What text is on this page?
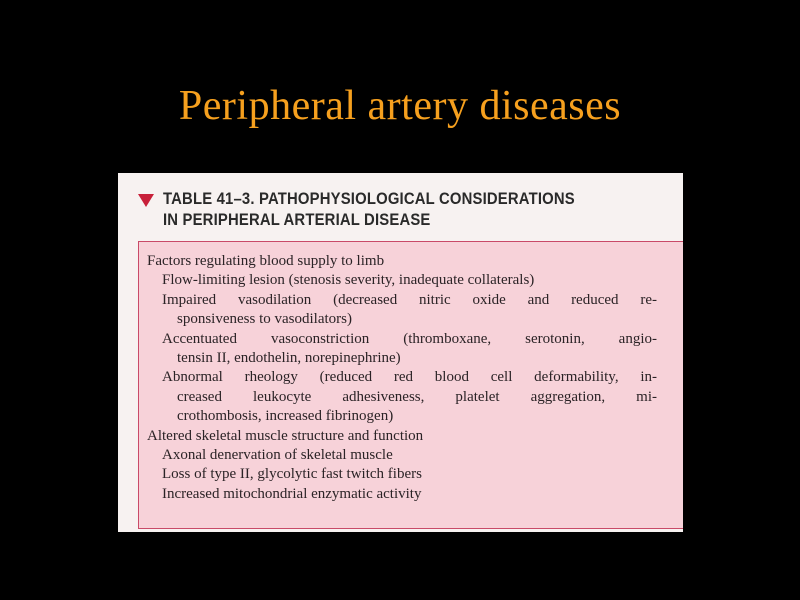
Peripheral artery diseases
TABLE 41–3. PATHOPHYSIOLOGICAL CONSIDERATIONS
IN PERIPHERAL ARTERIAL DISEASE
Factors regulating blood supply to limb
Flow-limiting lesion (stenosis severity, inadequate collaterals)
Impaired vasodilation (decreased nitric oxide and reduced re-
sponsiveness to vasodilators)
Accentuated vasoconstriction (thromboxane, serotonin, angio-
tensin II, endothelin, norepinephrine)
Abnormal rheology (reduced red blood cell deformability, in-
creased leukocyte adhesiveness, platelet aggregation, mi-
crothombosis, increased fibrinogen)
Altered skeletal muscle structure and function
Axonal denervation of skeletal muscle
Loss of type II, glycolytic fast twitch fibers
Increased mitochondrial enzymatic activity
